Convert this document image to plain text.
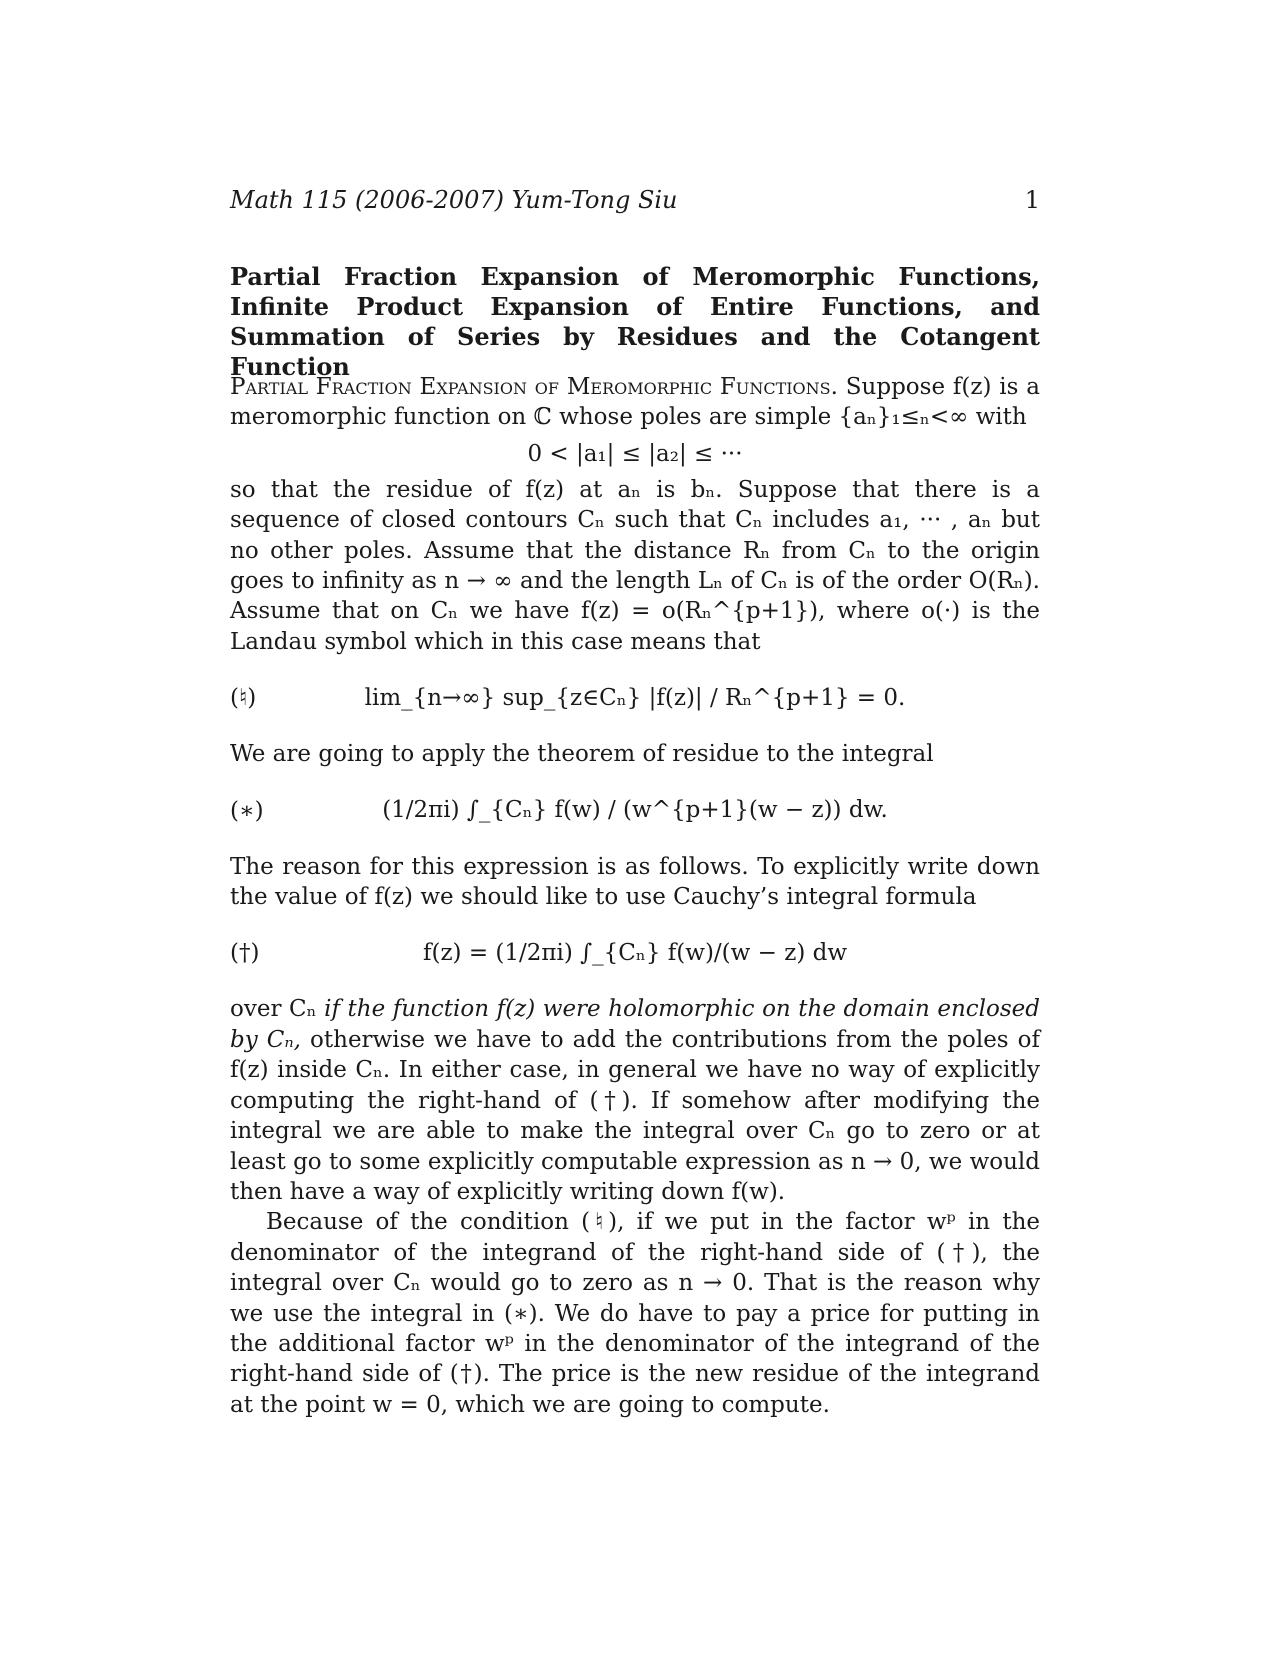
Math 115 (2006-2007) Yum-Tong Siu	1
Partial Fraction Expansion of Meromorphic Functions, Infinite Product Expansion of Entire Functions, and Summation of Series by Residues and the Cotangent Function

Partial Fraction Expansion of Meromorphic Functions. Suppose f(z) is a meromorphic function on ℂ whose poles are simple {aₙ}₁≤ₙ<∞ with

0 < |a₁| ≤ |a₂| ≤ ···

so that the residue of f(z) at aₙ is bₙ. Suppose that there is a sequence of closed contours Cₙ such that Cₙ includes a₁, ··· , aₙ but no other poles. Assume that the distance Rₙ from Cₙ to the origin goes to infinity as n → ∞ and the length Lₙ of Cₙ is of the order O(Rₙ). Assume that on Cₙ we have f(z) = o(Rₙ^{p+1}), where o(·) is the Landau symbol which in this case means that

(♮)	lim_{n→∞} sup_{z∈Cₙ} |f(z)| / Rₙ^{p+1} = 0.

We are going to apply the theorem of residue to the integral

(∗)	(1/2πi) ∫_{Cₙ} f(w) / (w^{p+1}(w − z)) dw.

The reason for this expression is as follows. To explicitly write down the value of f(z) we should like to use Cauchy’s integral formula

(†)	f(z) = (1/2πi) ∫_{Cₙ} f(w)/(w − z) dw

over Cₙ if the function f(z) were holomorphic on the domain enclosed by Cₙ, otherwise we have to add the contributions from the poles of f(z) inside Cₙ. In either case, in general we have no way of explicitly computing the right-hand of (†). If somehow after modifying the integral we are able to make the integral over Cₙ go to zero or at least go to some explicitly computable expression as n → 0, we would then have a way of explicitly writing down f(w).

Because of the condition (♮), if we put in the factor wᵖ in the denominator of the integrand of the right-hand side of (†), the integral over Cₙ would go to zero as n → 0. That is the reason why we use the integral in (∗). We do have to pay a price for putting in the additional factor wᵖ in the denominator of the integrand of the right-hand side of (†). The price is the new residue of the integrand at the point w = 0, which we are going to compute.
